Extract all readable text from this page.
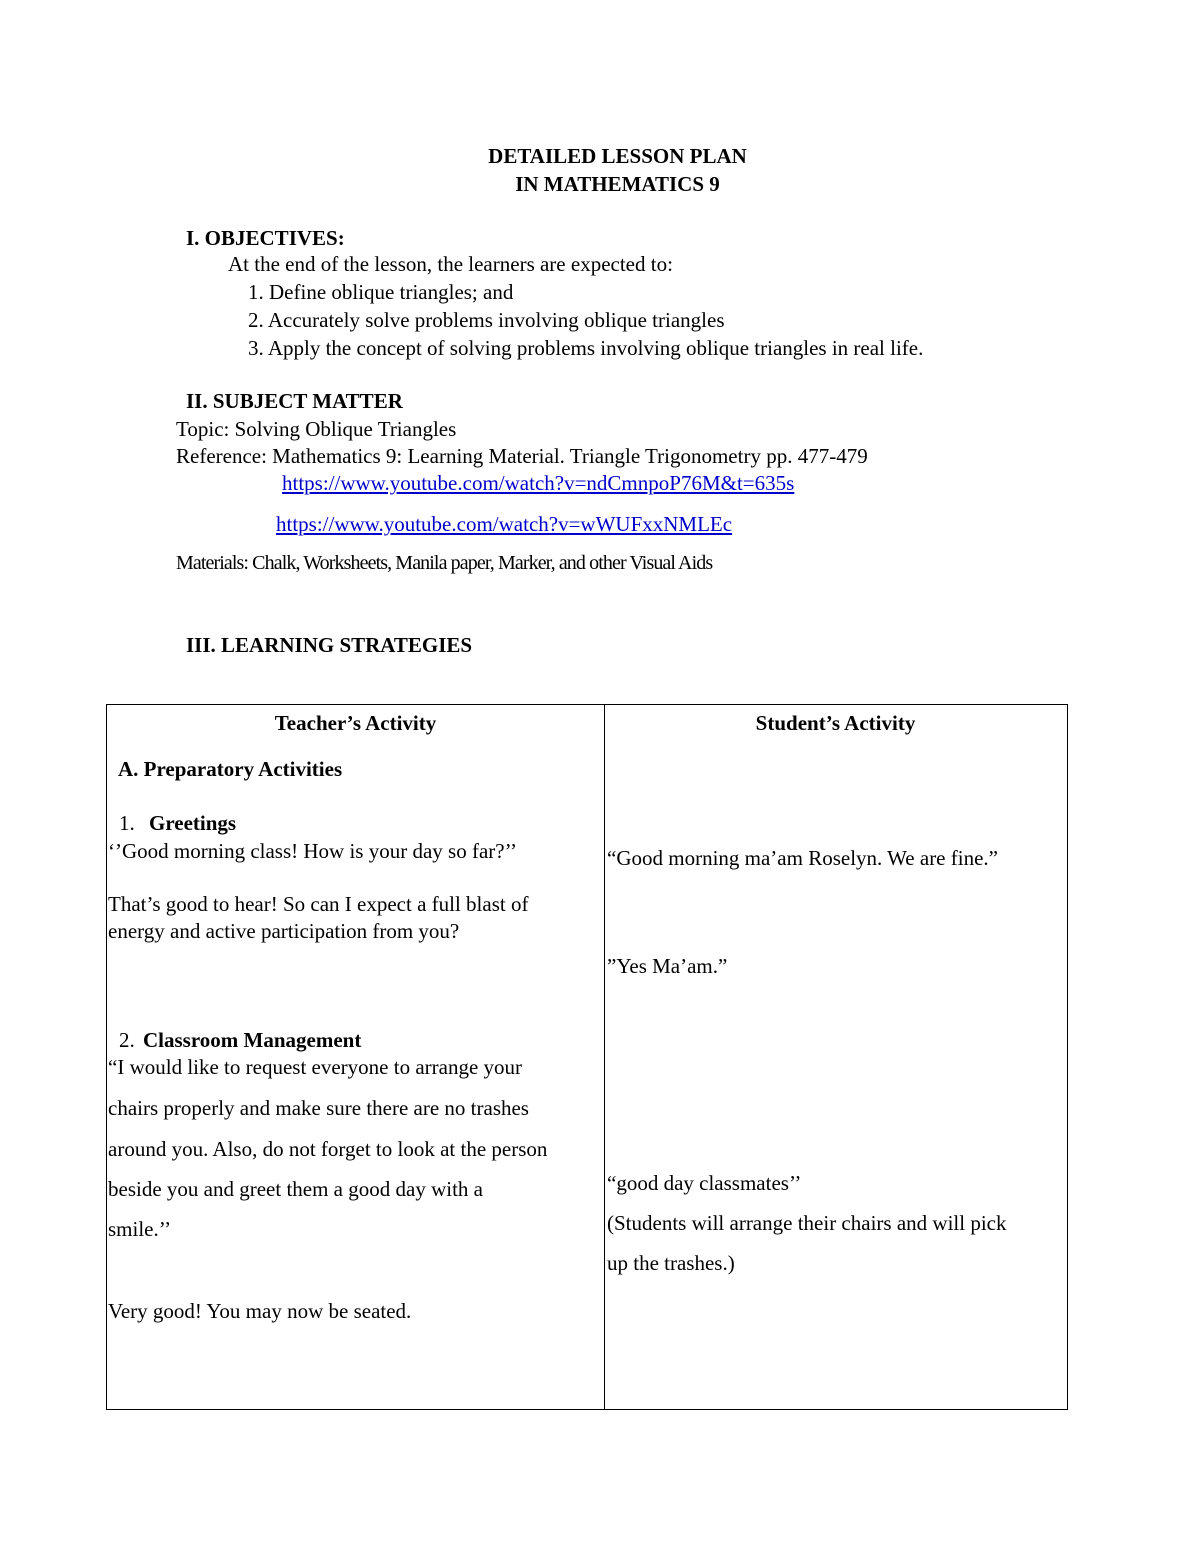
DETAILED LESSON PLAN
IN MATHEMATICS 9
I. OBJECTIVES:
At the end of the lesson, the learners are expected to:
1. Define oblique triangles; and
2. Accurately solve problems involving oblique triangles
3. Apply the concept of solving problems involving oblique triangles in real life.
II. SUBJECT MATTER
Topic: Solving Oblique Triangles
Reference: Mathematics 9: Learning Material. Triangle Trigonometry pp. 477-479
https://www.youtube.com/watch?v=ndCmnpoP76M&t=635s
https://www.youtube.com/watch?v=wWUFxxNMLEc
Materials: Chalk, Worksheets, Manila paper, Marker, and other Visual Aids
III. LEARNING STRATEGIES
Teacher’s Activity	Student’s Activity
A. Preparatory Activities
1. Greetings
‘’Good morning class! How is your day so far?’’
That’s good to hear! So can I expect a full blast of
energy and active participation from you?
“Good morning ma’am Roselyn. We are fine.”
”Yes Ma’am.”
2. Classroom Management
“I would like to request everyone to arrange your
chairs properly and make sure there are no trashes
around you. Also, do not forget to look at the person
beside you and greet them a good day with a
smile.’’
Very good! You may now be seated.
“good day classmates’’
(Students will arrange their chairs and will pick
up the trashes.)
